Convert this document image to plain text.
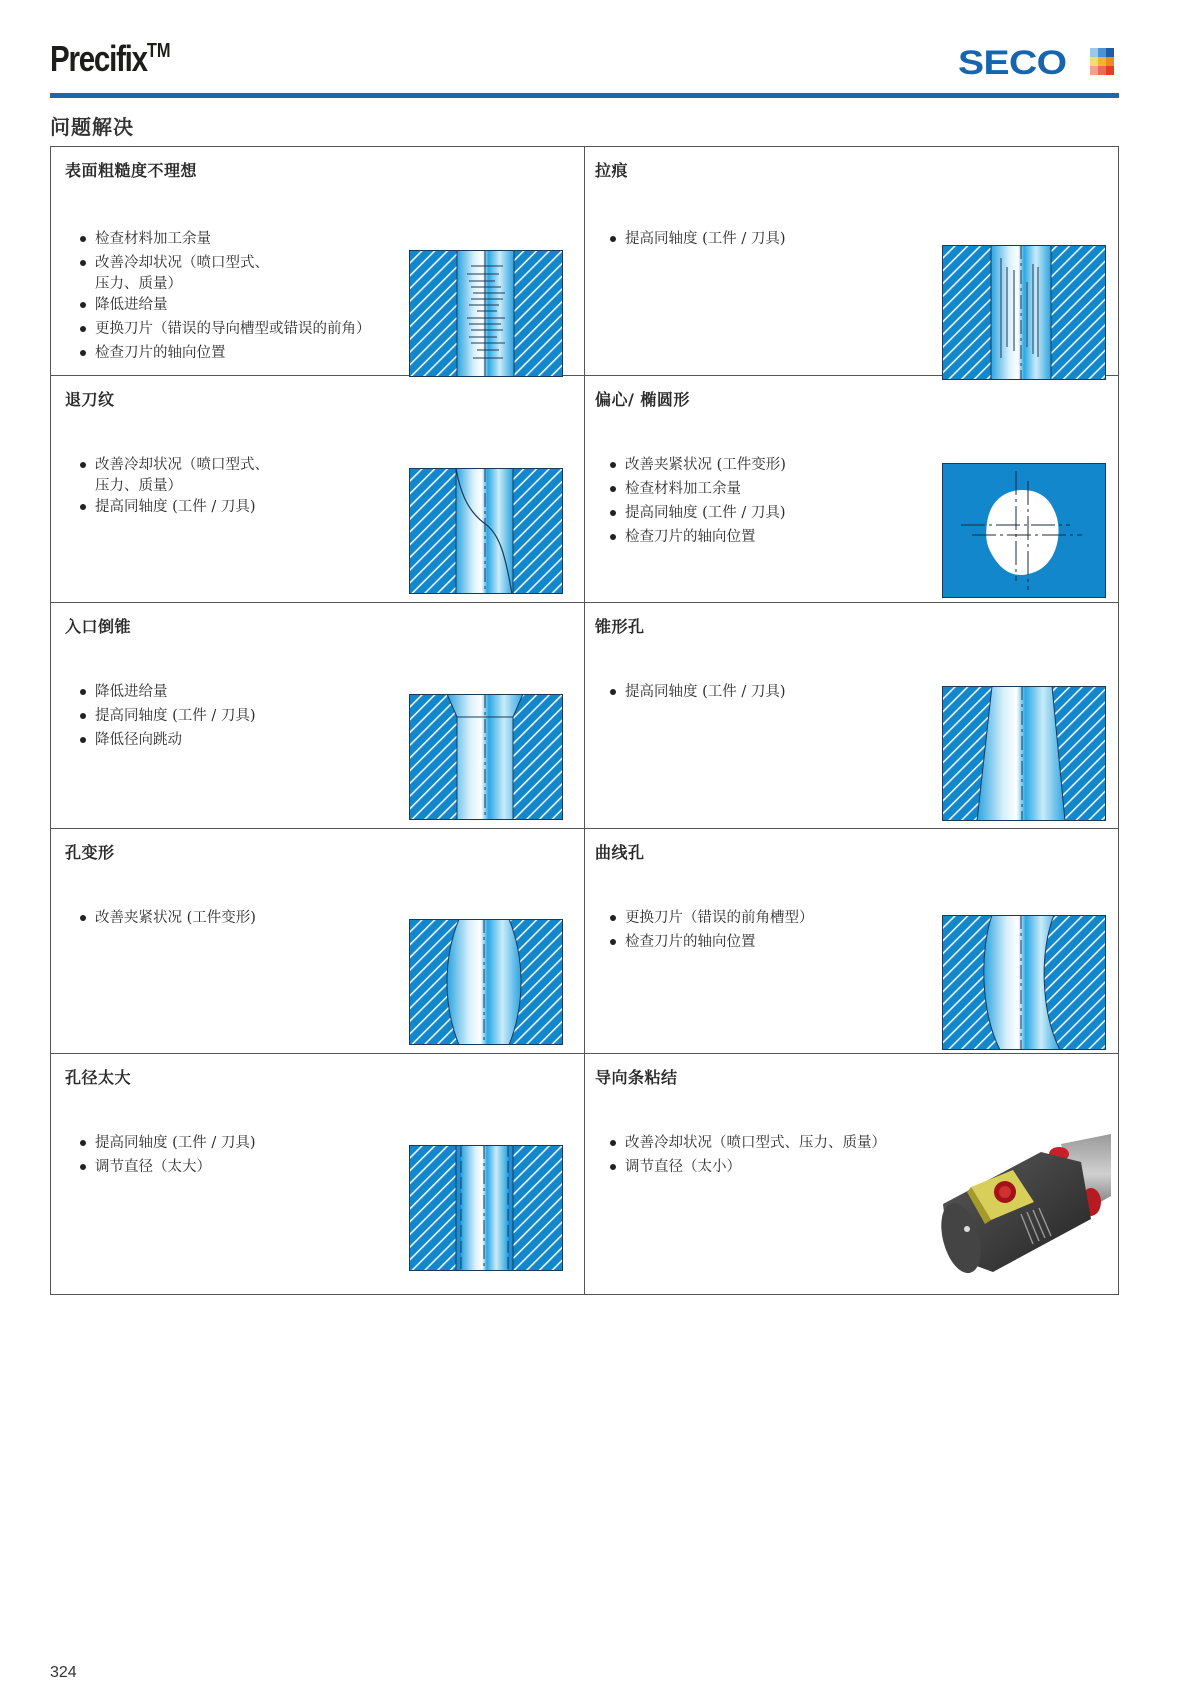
Precifix™	SECO
问题解决
表面粗糙度不理想
检查材料加工余量
改善冷却状况（喷口型式、
压力、质量）
降低进给量
更换刀片（错误的导向槽型或错误的前角）
检查刀片的轴向位置
拉痕
提高同轴度 (工件 / 刀具)
退刀纹
改善冷却状况（喷口型式、
压力、质量）
提高同轴度 (工件 / 刀具)
偏心/ 椭圆形
改善夹紧状况 (工件变形)
检查材料加工余量
提高同轴度 (工件 / 刀具)
检查刀片的轴向位置
入口倒锥
降低进给量
提高同轴度 (工件 / 刀具)
降低径向跳动
锥形孔
提高同轴度 (工件 / 刀具)
孔变形
改善夹紧状况 (工件变形)
曲线孔
更换刀片（错误的前角槽型）
检查刀片的轴向位置
孔径太大
提高同轴度 (工件 / 刀具)
调节直径（太大）
导向条粘结
改善冷却状况（喷口型式、压力、质量）
调节直径（太小）
324
